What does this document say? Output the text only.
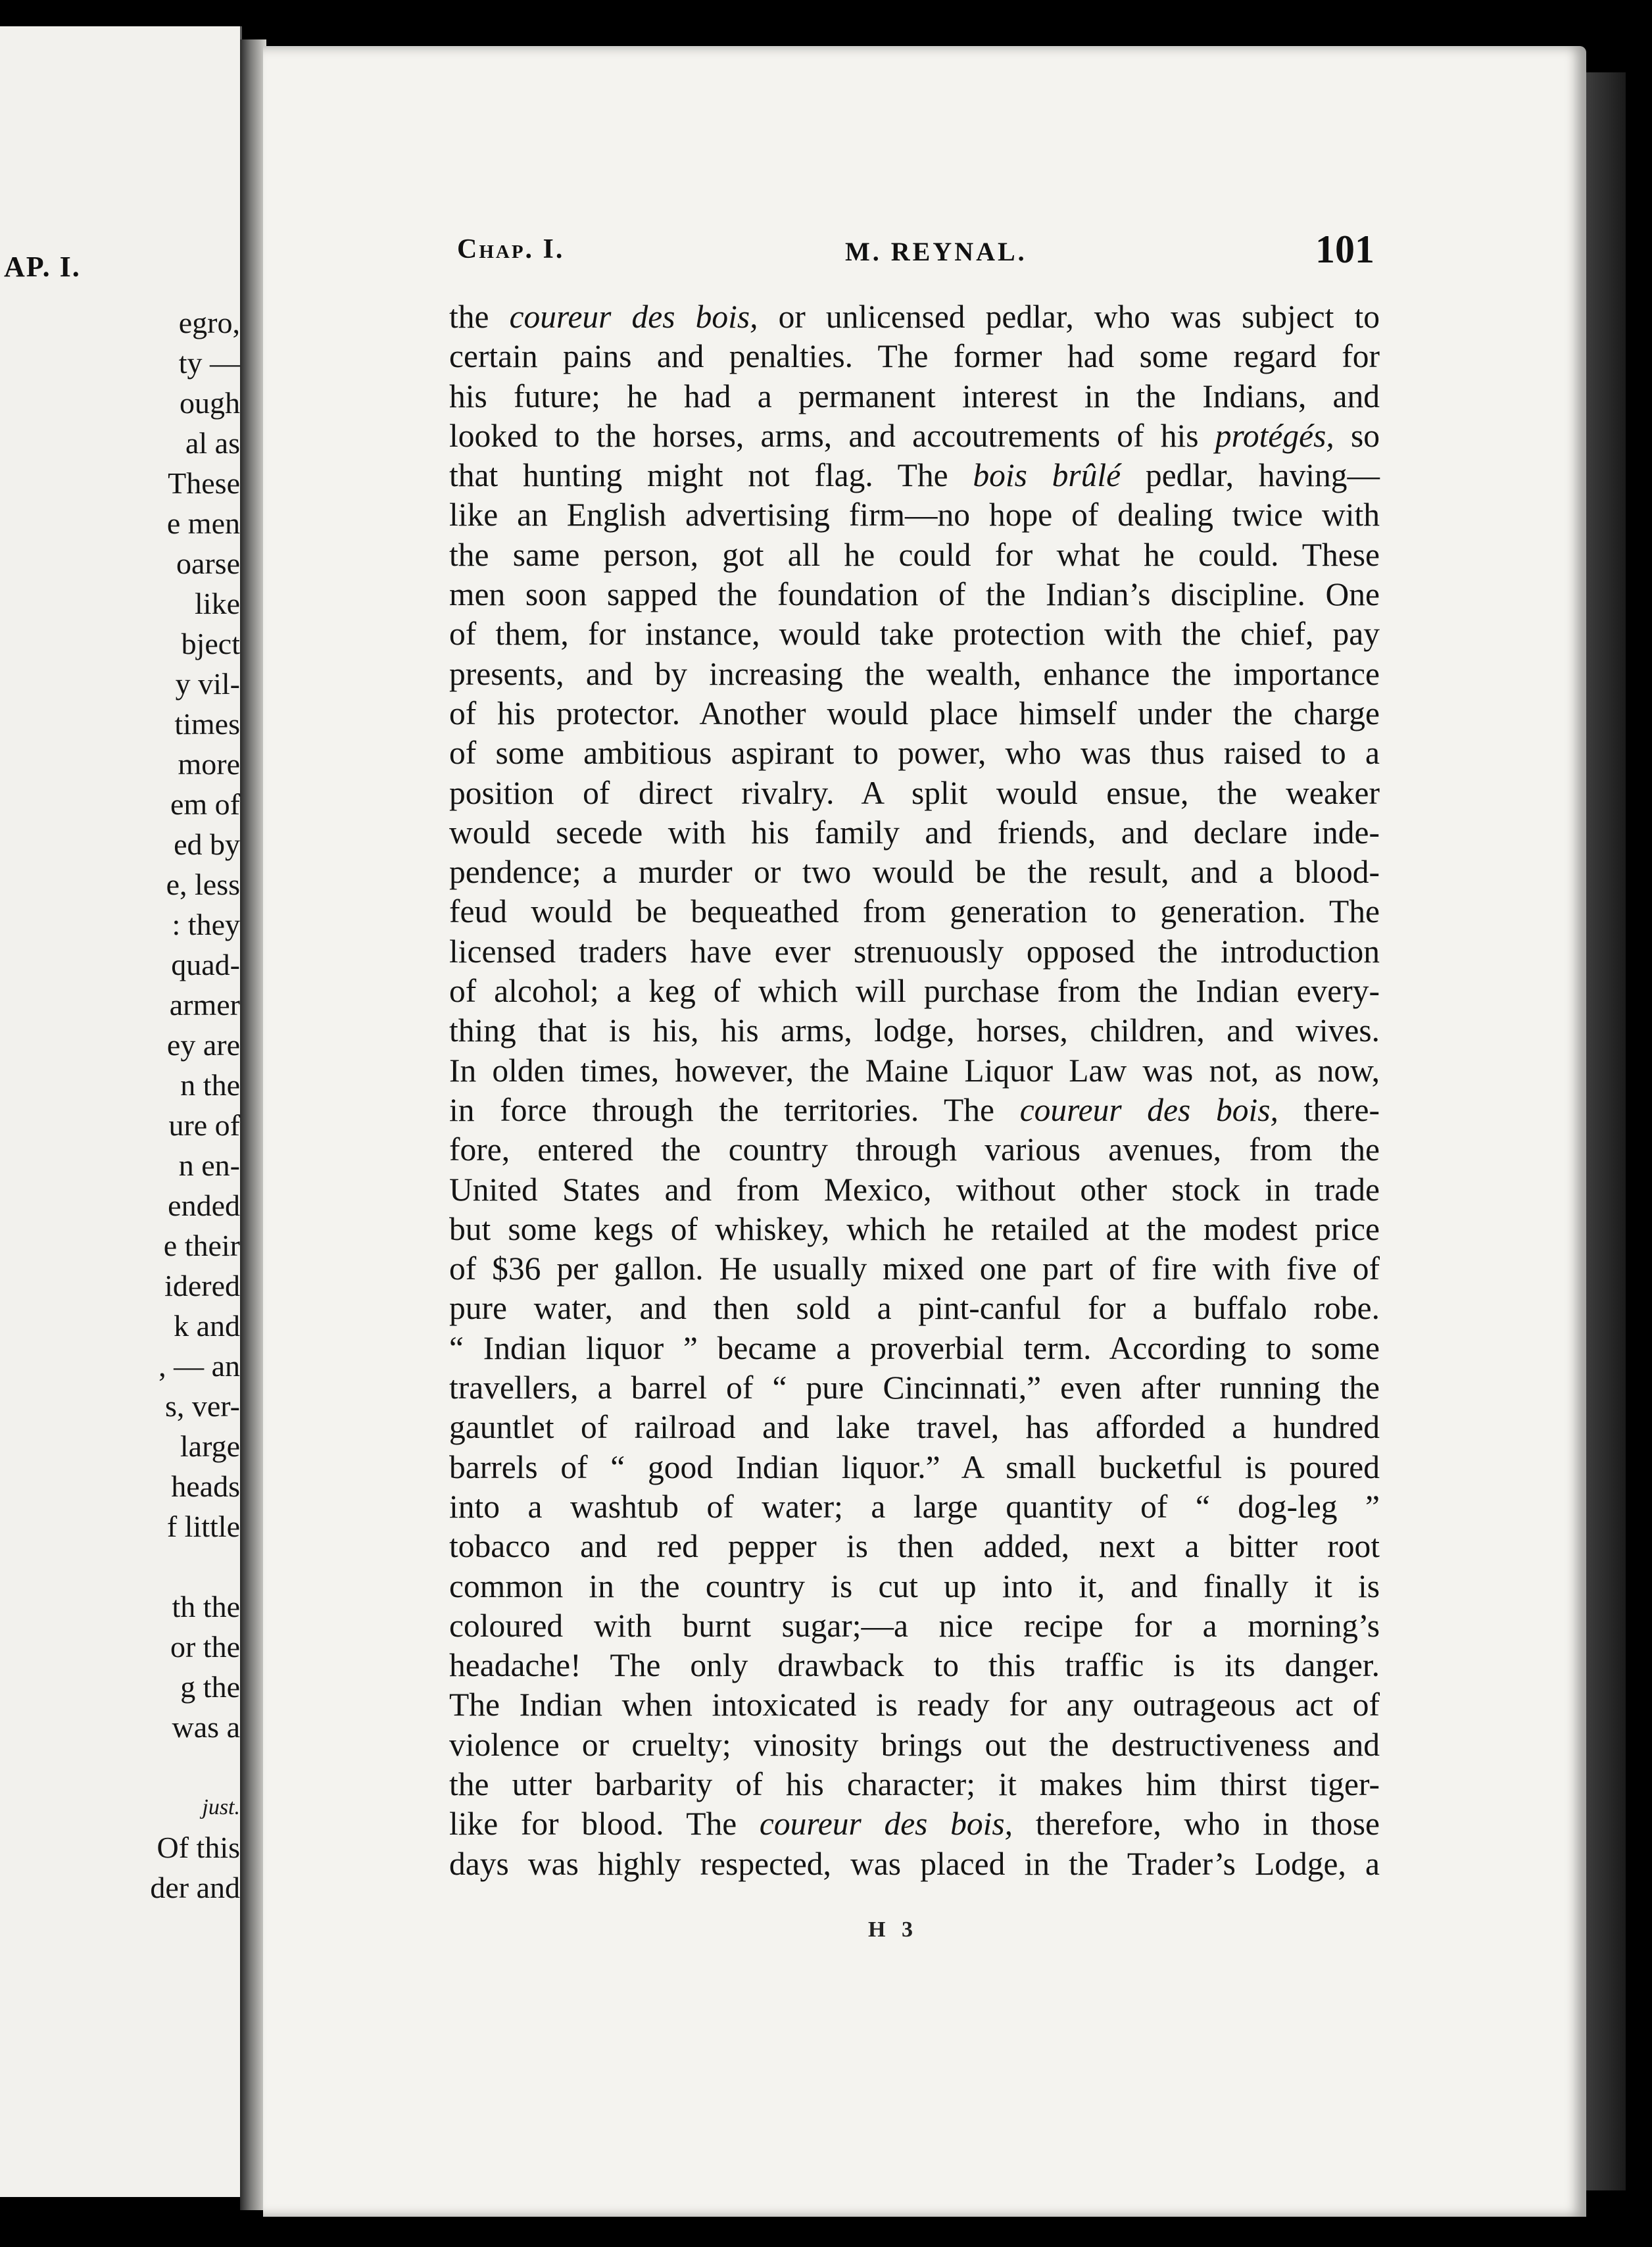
AP. I.
egro,
ty —
ough
al as
These
e men
oarse
like
bject
y vil-
times
more
em of
ed by
e, less
: they
quad-
armer
ey are
n the
ure of
n en-
ended
e their
idered
k and
, — an
s, ver-
large
heads
f little
th the
or the
g the
was a
just.
Of this
der and
Chap. I.	M. REYNAL.	101
the coureur des bois, or unlicensed pedlar, who was subject to
certain pains and penalties. The former had some regard for
his future; he had a permanent interest in the Indians, and
looked to the horses, arms, and accoutrements of his protégés, so
that hunting might not flag. The bois brûlé pedlar, having—
like an English advertising firm—no hope of dealing twice with
the same person, got all he could for what he could. These
men soon sapped the foundation of the Indian’s discipline. One
of them, for instance, would take protection with the chief, pay
presents, and by increasing the wealth, enhance the importance
of his protector. Another would place himself under the charge
of some ambitious aspirant to power, who was thus raised to a
position of direct rivalry. A split would ensue, the weaker
would secede with his family and friends, and declare inde-
pendence; a murder or two would be the result, and a blood-
feud would be bequeathed from generation to generation. The
licensed traders have ever strenuously opposed the introduction
of alcohol; a keg of which will purchase from the Indian every-
thing that is his, his arms, lodge, horses, children, and wives.
In olden times, however, the Maine Liquor Law was not, as now,
in force through the territories. The coureur des bois, there-
fore, entered the country through various avenues, from the
United States and from Mexico, without other stock in trade
but some kegs of whiskey, which he retailed at the modest price
of $36 per gallon. He usually mixed one part of fire with five of
pure water, and then sold a pint-canful for a buffalo robe.
“ Indian liquor ” became a proverbial term. According to some
travellers, a barrel of “ pure Cincinnati,” even after running the
gauntlet of railroad and lake travel, has afforded a hundred
barrels of “ good Indian liquor.” A small bucketful is poured
into a washtub of water; a large quantity of “ dog-leg ”
tobacco and red pepper is then added, next a bitter root
common in the country is cut up into it, and finally it is
coloured with burnt sugar;—a nice recipe for a morning’s
headache! The only drawback to this traffic is its danger.
The Indian when intoxicated is ready for any outrageous act of
violence or cruelty; vinosity brings out the destructiveness and
the utter barbarity of his character; it makes him thirst tiger-
like for blood. The coureur des bois, therefore, who in those
days was highly respected, was placed in the Trader’s Lodge, a
H 3
